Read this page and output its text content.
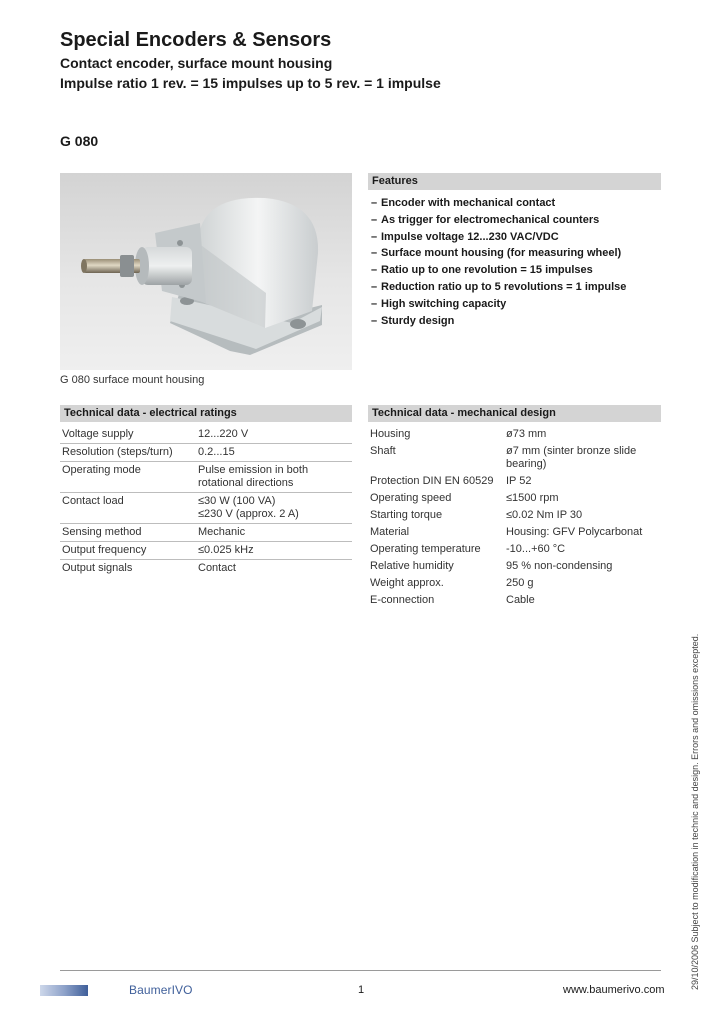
Special Encoders & Sensors

Contact encoder, surface mount housing

Impulse ratio 1 rev. = 15 impulses up to 5 rev. = 1 impulse

G 080
G 080 surface mount housing
Features
– Encoder with mechanical contact
– As trigger for electromechanical counters
– Impulse voltage 12...230 VAC/VDC
– Surface mount housing (for measuring wheel)
– Ratio up to one revolution = 15 impulses
– Reduction ratio up to 5 revolutions = 1 impulse
– High switching capacity
– Sturdy design
Technical data - electrical ratings
Voltage supply	12...220 V
Resolution (steps/turn)	0.2...15
Operating mode	Pulse emission in both
rotational directions

Contact load	≤30 W (100 VA)
≤230 V (approx. 2 A)

Sensing method	Mechanic
Output frequency	≤0.025 kHz
Output signals	Contact
Technical data - mechanical design
Housing	ø73 mm
Shaft	ø7 mm (sinter bronze slide
bearing)

Protection DIN EN 60529	IP 52
Operating speed	≤1500 rpm
Starting torque	≤0.02 Nm IP 30
Material	Housing: GFV Polycarbonat
Operating temperature	-10...+60 °C
Relative humidity	95 % non-condensing
Weight approx.	250 g
E-connection	Cable
29/10/2006 Subject to modification in technic and design. Errors and omissions excepted.
BaumerIVO	1	www.baumerivo.com
